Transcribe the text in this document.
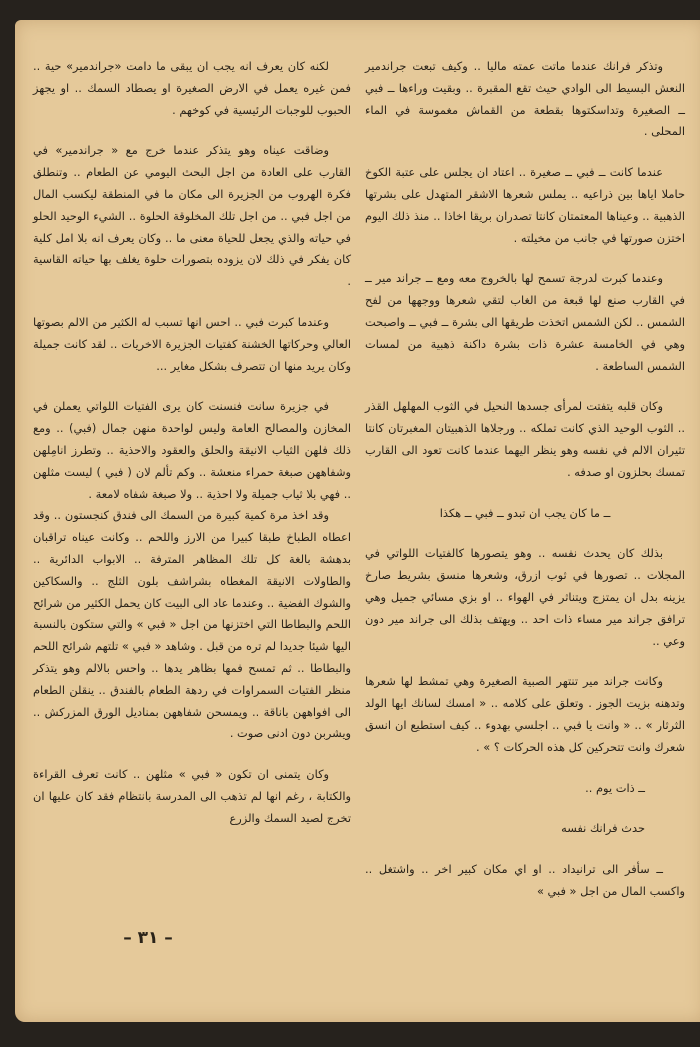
وتذكر فرانك عندما ماتت عمته ماليا .. وكيف تبعت جراندمير النعش البسيط الى الوادي حيث تقع المقبرة .. وبقيت وراءها ــ فبي ــ الصغيرة وتداسكتوها بقطعة من القماش مغموسة في الماء المحلى .

عندما كانت ــ فبي ــ صغيرة .. اعتاد ان يجلس على عتبة الكوخ حاملا اياها بين ذراعيه .. يملس شعرها الاشقر المتهدل على بشرتها الذهبية .. وعيناها المعتمتان كانتا تصدران بريقا اخاذا .. منذ ذلك اليوم اختزن صورتها في جانب من مخيلته .

وعندما كبرت لدرجة تسمح لها بالخروج معه ومع ــ جراند مير ــ في القارب صنع لها قبعة من الغاب لتقي شعرها ووجهها من لفح الشمس .. لكن الشمس اتخذت طريقها الى بشرة ــ فبي ــ واصبحت وهي في الخامسة عشرة ذات بشرة داكنة ذهبية من لمسات الشمس الساطعة .

وكان قلبه يتفتت لمرأى جسدها النحيل في الثوب المهلهل القذر .. الثوب الوحيد الذي كانت تملكه .. ورجلاها الذهبيتان المغبرتان كانتا تثيران الالم في نفسه وهو ينظر اليهما عندما كانت تعود الى القارب تمسك بحلزون او صدفه .

ــ ما كان يجب ان تبدو ــ فبي ــ هكذا

بذلك كان يحدث نفسه .. وهو يتصورها كالفتيات اللواتي في المجلات .. تصورها في ثوب ازرق، وشعرها منسق بشريط صارخ يزينه بدل ان يمتزج ويتناثر في الهواء .. او بزي مسائي جميل وهي ترافق جراند مير مساء ذات احد .. ويهتف بذلك الى جراند مير دون وعي ..

وكانت جراند مير تنتهر الصبية الصغيرة وهي تمشط لها شعرها وتدهنه بزيت الجوز . وتعلق على كلامه .. « امسك لسانك ايها الولد الثرثار » .. « وانت يا فبي .. اجلسي بهدوء .. كيف استطيع ان انسق شعرك وانت تتحركين كل هذه الحركات ؟ » .

ــ ذات يوم ..

حدث فرانك نفسه

ــ سأفر الى ترانيداد .. او اي مكان كبير اخر .. واشتغل .. واكسب المال من اجل « فبي »

لكنه كان يعرف انه يجب ان يبقى ما دامت «جراندمير» حية .. فمن غيره يعمل في الارض الصغيرة او يصطاد السمك .. او يجهز الحبوب للوجبات الرئيسية في كوخهم .

وضاقت عيناه وهو يتذكر عندما خرج مع « جراندمير» في القارب على العادة من اجل البحث اليومي عن الطعام .. وتنطلق فكرة الهروب من الجزيرة الى مكان ما في المنطقة ليكسب المال من اجل فبي .. من اجل تلك المخلوقة الحلوة .. الشيء الوحيد الحلو في حياته والذي يجعل للحياة معنى ما .. وكان يعرف انه بلا امل كلية كان يفكر في ذلك لان يزوده بتصورات حلوة يغلف بها حياته القاسية .

وعندما كبرت فبي .. احس انها تسبب له الكثير من الالم بصوتها العالي وحركاتها الخشنة كفتيات الجزيرة الاخريات .. لقد كانت جميلة وكان يريد منها ان تتصرف بشكل مغاير ...

في جزيرة سانت فنسنت كان يرى الفتيات اللواتي يعملن في المخازن والمصالح العامة وليس لواحدة منهن جمال (فبي) .. ومع ذلك فلهن الثياب الانيقة والحلق والعقود والاحذية .. وتطرز انامِلهن وشفاههن صبغة حمراء منعشة .. وكم تألم لان ( فبي ) ليست مثلهن .. فهي بلا ثياب جميلة ولا احذية .. ولا صبغة شفاه لامعة .

وقد اخذ مرة كمية كبيرة من السمك الى فندق كنجستون .. وقد اعطاه الطباخ طبقا كبيرا من الارز واللحم .. وكانت عيناه تراقبان بدهشة بالغة كل تلك المظاهر المترفة .. الابواب الدائرية .. والطاولات الانيقة المغطاه بشراشف بلون الثلج .. والسكاكين والشوك الفضية .. وعندما عاد الى البيت كان يحمل الكثير من شرائح اللحم والبطاطا التي اختزنها من اجل « فبي » والتي ستكون بالنسبة اليها شيئا جديدا لم تره من قبل . وشاهد « فبي » تلتهم شرائح اللحم والبطاطا .. ثم تمسح فمها بظاهر يدها .. واحس بالالم وهو يتذكر منظر الفتيات السمراوات في ردهة الطعام بالفندق .. ينقلن الطعام الى افواههن باناقة .. ويمسحن شفاههن بمناديل الورق المزركش .. ويشربن دون ادنى صوت .

وكان يتمنى ان تكون « فبي » مثلهن .. كانت تعرف القراءة والكتابة ، رغم انها لم تذهب الى المدرسة بانتظام فقد كان عليها ان تخرج لصيد السمك والزرع

– ٣١ –
